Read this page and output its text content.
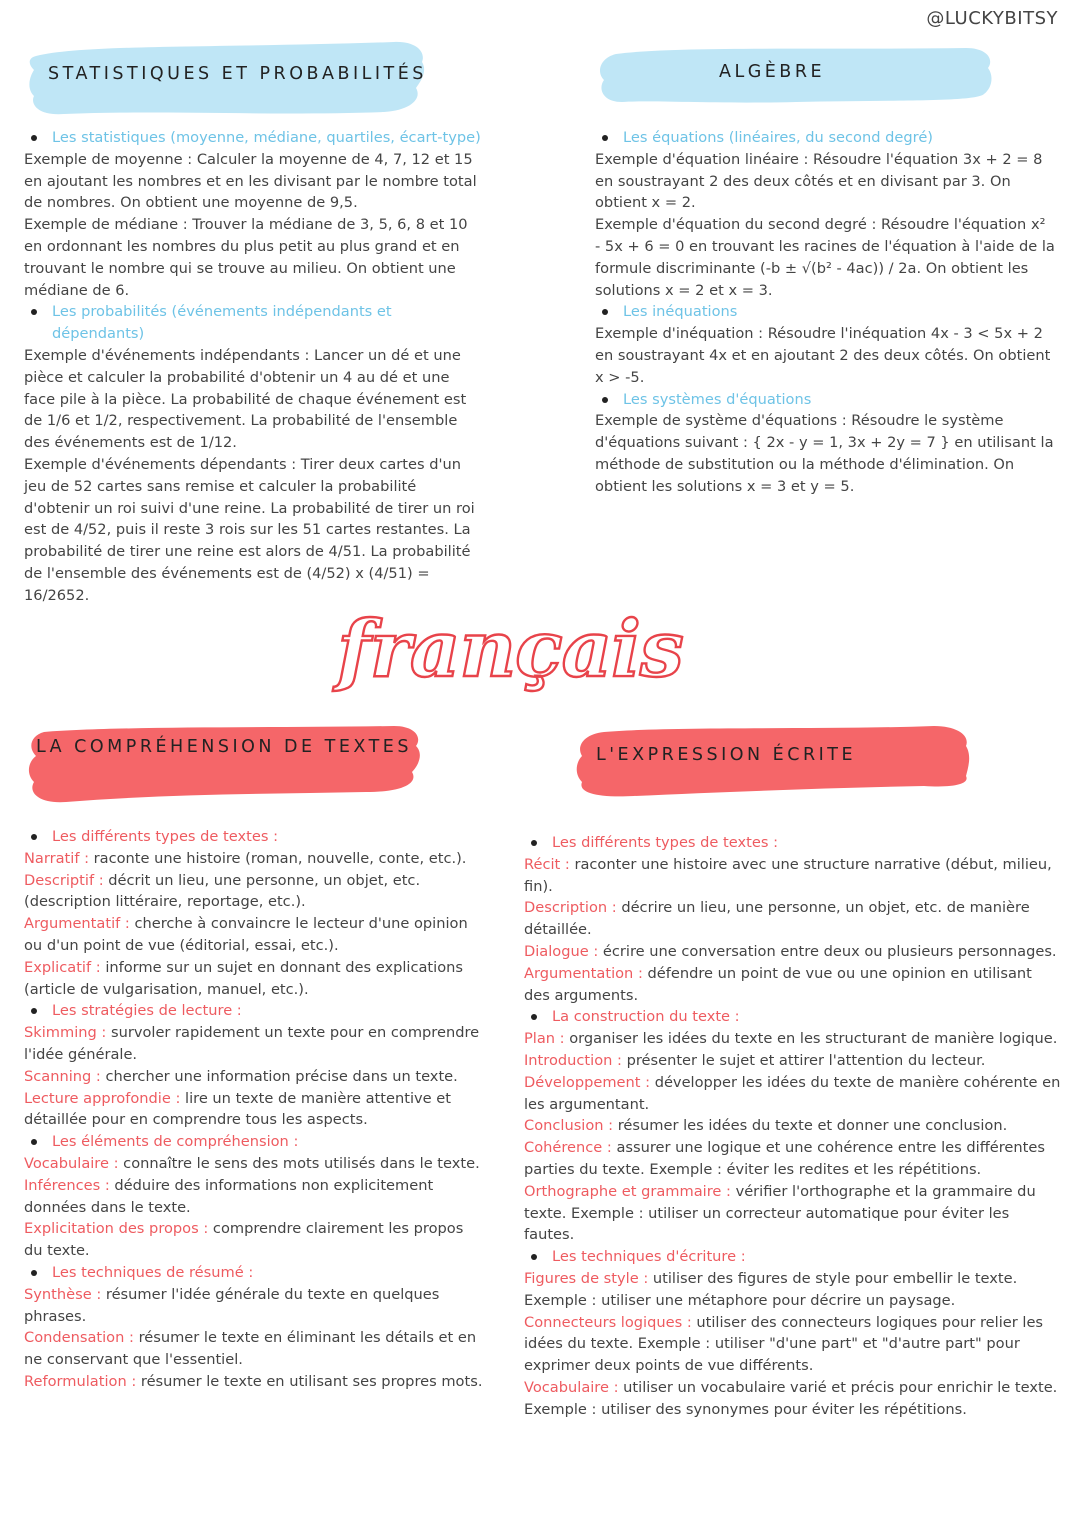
@LUCKYBITSY
STATISTIQUES ET PROBABILITÉS	ALGÈBRE

Les statistiques (moyenne, médiane, quartiles, écart-type)

Exemple de moyenne : Calculer la moyenne de 4, 7, 12 et 15 en ajoutant les nombres et en les divisant par le nombre total de nombres. On obtient une moyenne de 9,5.

Exemple de médiane : Trouver la médiane de 3, 5, 6, 8 et 10 en ordonnant les nombres du plus petit au plus grand et en trouvant le nombre qui se trouve au milieu. On obtient une médiane de 6.

Les probabilités (événements indépendants et dépendants)

Exemple d'événements indépendants : Lancer un dé et une pièce et calculer la probabilité d'obtenir un 4 au dé et une face pile à la pièce. La probabilité de chaque événement est de 1/6 et 1/2, respectivement. La probabilité de l'ensemble des événements est de 1/12.

Exemple d'événements dépendants : Tirer deux cartes d'un jeu de 52 cartes sans remise et calculer la probabilité d'obtenir un roi suivi d'une reine. La probabilité de tirer un roi est de 4/52, puis il reste 3 rois sur les 51 cartes restantes. La probabilité de tirer une reine est alors de 4/51. La probabilité de l'ensemble des événements est de (4/52) x (4/51) = 16/2652.

Les équations (linéaires, du second degré)

Exemple d'équation linéaire : Résoudre l'équation 3x + 2 = 8 en soustrayant 2 des deux côtés et en divisant par 3. On obtient x = 2.

Exemple d'équation du second degré : Résoudre l'équation x² - 5x + 6 = 0 en trouvant les racines de l'équation à l'aide de la formule discriminante (-b ± √(b² - 4ac)) / 2a. On obtient les solutions x = 2 et x = 3.

Les inéquations

Exemple d'inéquation : Résoudre l'inéquation 4x - 3 < 5x + 2 en soustrayant 4x et en ajoutant 2 des deux côtés. On obtient x > -5.

Les systèmes d'équations

Exemple de système d'équations : Résoudre le système d'équations suivant : { 2x - y = 1, 3x + 2y = 7 } en utilisant la méthode de substitution ou la méthode d'élimination. On obtient les solutions x = 3 et y = 5.

français
LA COMPRÉHENSION DE TEXTES	L'EXPRESSION ÉCRITE

Les différents types de textes :

Narratif : raconte une histoire (roman, nouvelle, conte, etc.).

Descriptif : décrit un lieu, une personne, un objet, etc. (description littéraire, reportage, etc.).

Argumentatif : cherche à convaincre le lecteur d'une opinion ou d'un point de vue (éditorial, essai, etc.).

Explicatif : informe sur un sujet en donnant des explications (article de vulgarisation, manuel, etc.).

Les stratégies de lecture :

Skimming : survoler rapidement un texte pour en comprendre l'idée générale.

Scanning : chercher une information précise dans un texte.

Lecture approfondie : lire un texte de manière attentive et détaillée pour en comprendre tous les aspects.

Les éléments de compréhension :

Vocabulaire : connaître le sens des mots utilisés dans le texte.

Inférences : déduire des informations non explicitement données dans le texte.

Explicitation des propos : comprendre clairement les propos du texte.

Les techniques de résumé :

Synthèse : résumer l'idée générale du texte en quelques phrases.

Condensation : résumer le texte en éliminant les détails et en ne conservant que l'essentiel.

Reformulation : résumer le texte en utilisant ses propres mots.

Les différents types de textes :

Récit : raconter une histoire avec une structure narrative (début, milieu, fin).

Description : décrire un lieu, une personne, un objet, etc. de manière détaillée.

Dialogue : écrire une conversation entre deux ou plusieurs personnages.

Argumentation : défendre un point de vue ou une opinion en utilisant des arguments.

La construction du texte :

Plan : organiser les idées du texte en les structurant de manière logique.

Introduction : présenter le sujet et attirer l'attention du lecteur.

Développement : développer les idées du texte de manière cohérente en les argumentant.

Conclusion : résumer les idées du texte et donner une conclusion.

Cohérence : assurer une logique et une cohérence entre les différentes parties du texte. Exemple : éviter les redites et les répétitions.

Orthographe et grammaire : vérifier l'orthographe et la grammaire du texte. Exemple : utiliser un correcteur automatique pour éviter les fautes.

Les techniques d'écriture :

Figures de style : utiliser des figures de style pour embellir le texte. Exemple : utiliser une métaphore pour décrire un paysage.

Connecteurs logiques : utiliser des connecteurs logiques pour relier les idées du texte. Exemple : utiliser "d'une part" et "d'autre part" pour exprimer deux points de vue différents.

Vocabulaire : utiliser un vocabulaire varié et précis pour enrichir le texte. Exemple : utiliser des synonymes pour éviter les répétitions.
